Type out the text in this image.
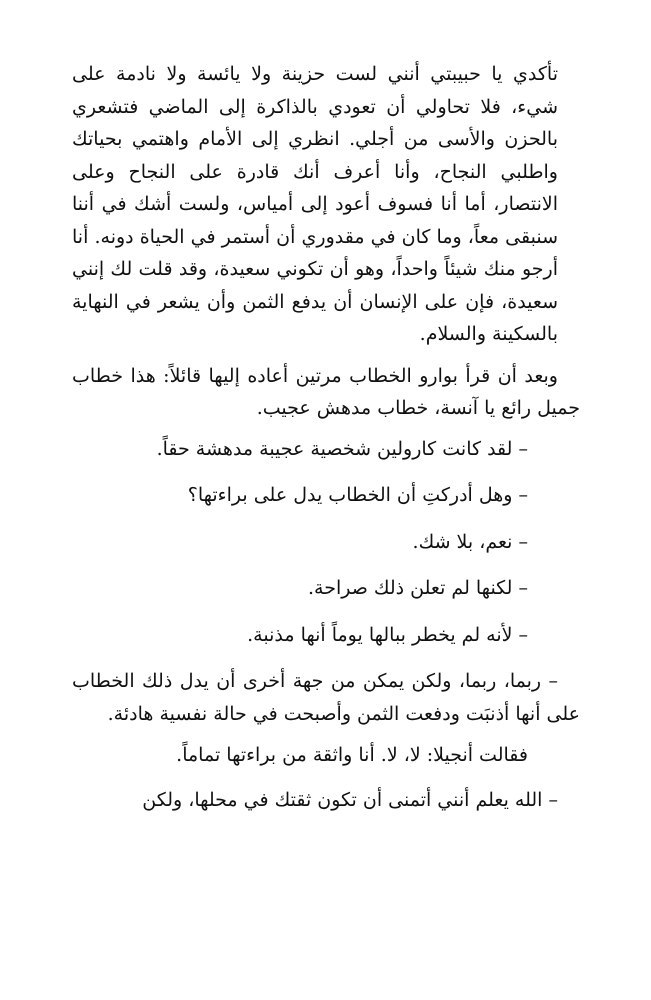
تأكدي يا حبيبتي أنني لست حزينة ولا يائسة ولا نادمة على شيء، فلا تحاولي أن تعودي بالذاكرة إلى الماضي فتشعري بالحزن والأسى من أجلي. انظري إلى الأمام واهتمي بحياتك واطلبي النجاح، وأنا أعرف أنك قادرة على النجاح وعلى الانتصار، أما أنا فسوف أعود إلى أمياس، ولست أشك في أننا سنبقى معاً، وما كان في مقدوري أن أستمر في الحياة دونه. أنا أرجو منك شيئاً واحداً، وهو أن تكوني سعيدة، وقد قلت لك إنني سعيدة، فإن على الإنسان أن يدفع الثمن وأن يشعر في النهاية بالسكينة والسلام.

وبعد أن قرأ بوارو الخطاب مرتين أعاده إليها قائلاً: هذا خطاب جميل رائع يا آنسة، خطاب مدهش عجيب.

– لقد كانت كارولين شخصية عجيبة مدهشة حقاً.

– وهل أدركتِ أن الخطاب يدل على براءتها؟

– نعم، بلا شك.

– لكنها لم تعلن ذلك صراحة.

– لأنه لم يخطر ببالها يوماً أنها مذنبة.

– ربما، ربما، ولكن يمكن من جهة أخرى أن يدل ذلك الخطاب على أنها أذنبَت ودفعت الثمن وأصبحت في حالة نفسية هادئة.

فقالت أنجيلا: لا، لا. أنا واثقة من براءتها تماماً.

– الله يعلم أنني أتمنى أن تكون ثقتك في محلها، ولكن
